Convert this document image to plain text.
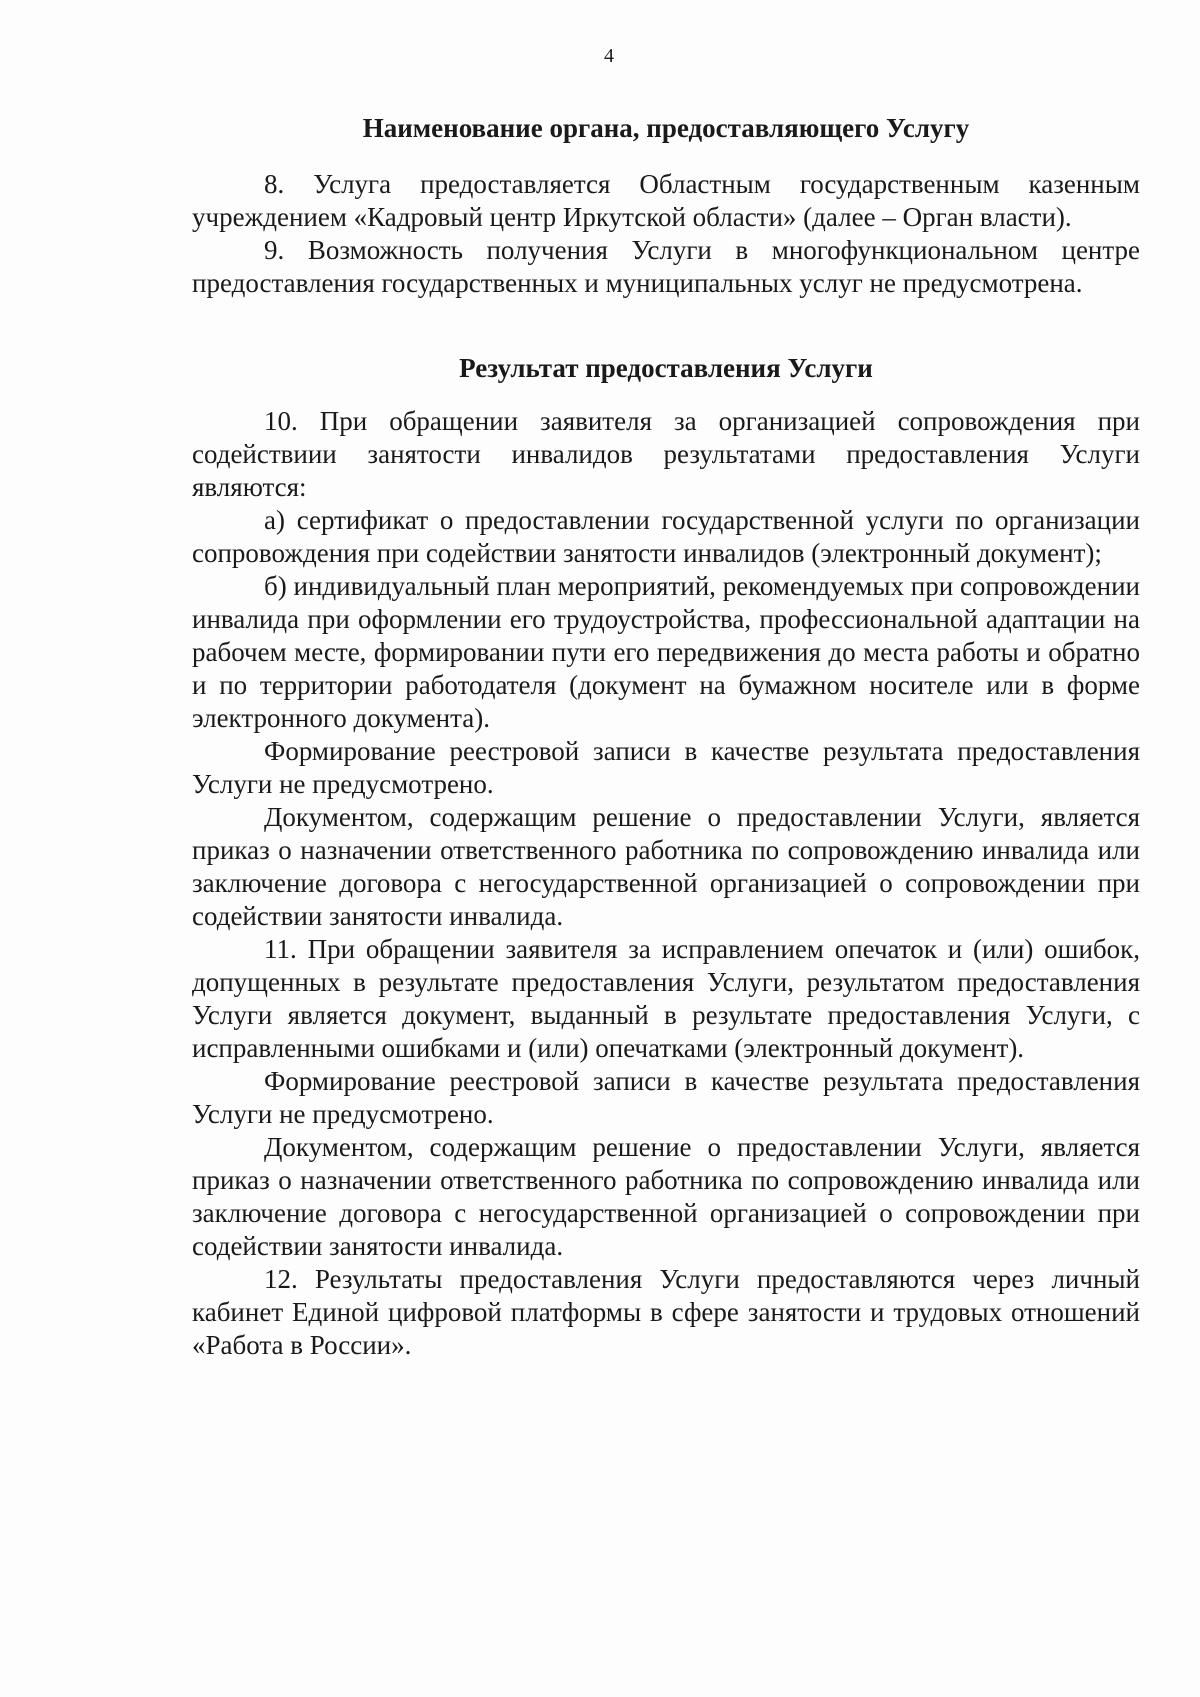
4
Наименование органа, предоставляющего Услугу

8. Услуга предоставляется Областным государственным казенным учреждением «Кадровый центр Иркутской области» (далее – Орган власти).

9. Возможность получения Услуги в многофункциональном центре предоставления государственных и муниципальных услуг не предусмотрена.

Результат предоставления Услуги

10. При обращении заявителя за организацией сопровождения при содействиии занятости инвалидов результатами предоставления Услуги являются:

а) сертификат о предоставлении государственной услуги по организации сопровождения при содействии занятости инвалидов (электронный документ);

б) индивидуальный план мероприятий, рекомендуемых при сопровождении инвалида при оформлении его трудоустройства, профессиональной адаптации на рабочем месте, формировании пути его передвижения до места работы и обратно и по территории работодателя (документ на бумажном носителе или в форме электронного документа).

Формирование реестровой записи в качестве результата предоставления Услуги не предусмотрено.

Документом, содержащим решение о предоставлении Услуги, является приказ о назначении ответственного работника по сопровождению инвалида или заключение договора с негосударственной организацией о сопровождении при содействии занятости инвалида.

11. При обращении заявителя за исправлением опечаток и (или) ошибок, допущенных в результате предоставления Услуги, результатом предоставления Услуги является документ, выданный в результате предоставления Услуги, с исправленными ошибками и (или) опечатками (электронный документ).

Формирование реестровой записи в качестве результата предоставления Услуги не предусмотрено.

Документом, содержащим решение о предоставлении Услуги, является приказ о назначении ответственного работника по сопровождению инвалида или заключение договора с негосударственной организацией о сопровождении при содействии занятости инвалида.

12. Результаты предоставления Услуги предоставляются через личный кабинет Единой цифровой платформы в сфере занятости и трудовых отношений «Работа в России».
